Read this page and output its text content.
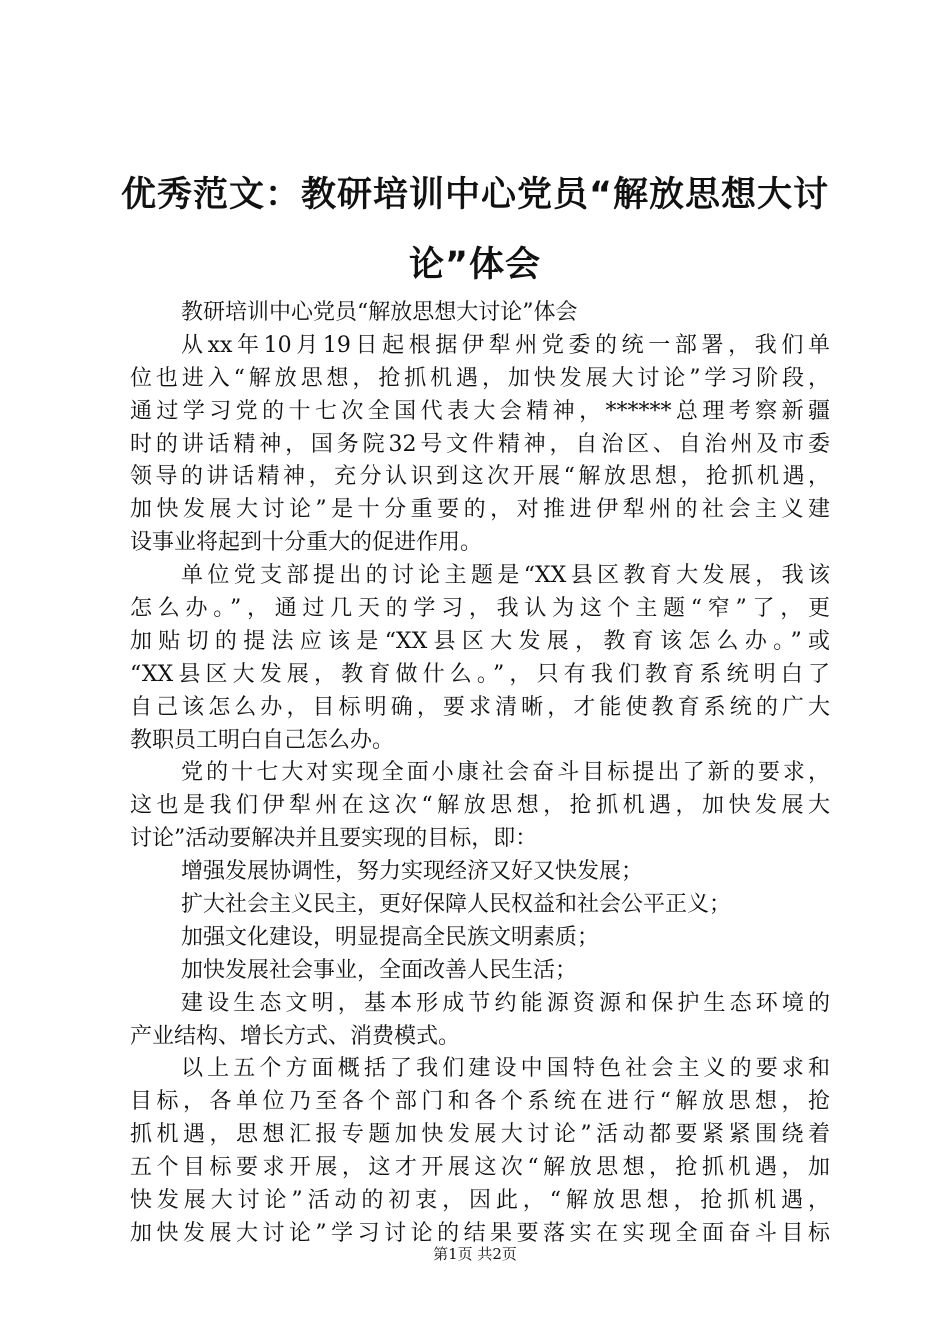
优秀范文：教研培训中心党员“解放思想大讨
论”体会
教研培训中心党员“解放思想大讨论”体会
从xx年10月19日起根据伊犁州党委的统一部署，我们单
位也进入“解放思想，抢抓机遇，加快发展大讨论”学习阶段，
通过学习党的十七次全国代表大会精神，******总理考察新疆
时的讲话精神，国务院32号文件精神，自治区、自治州及市委
领导的讲话精神，充分认识到这次开展“解放思想，抢抓机遇，
加快发展大讨论”是十分重要的，对推进伊犁州的社会主义建
设事业将起到十分重大的促进作用。
单位党支部提出的讨论主题是“XX县区教育大发展，我该
怎么办。”，通过几天的学习，我认为这个主题“窄”了，更
加贴切的提法应该是“XX县区大发展，教育该怎么办。”或
“XX县区大发展，教育做什么。”，只有我们教育系统明白了
自己该怎么办，目标明确，要求清晰，才能使教育系统的广大
教职员工明白自己怎么办。
党的十七大对实现全面小康社会奋斗目标提出了新的要求，
这也是我们伊犁州在这次“解放思想，抢抓机遇，加快发展大
讨论”活动要解决并且要实现的目标，即：
增强发展协调性，努力实现经济又好又快发展；
扩大社会主义民主，更好保障人民权益和社会公平正义；
加强文化建设，明显提高全民族文明素质；
加快发展社会事业，全面改善人民生活；
建设生态文明，基本形成节约能源资源和保护生态环境的
产业结构、增长方式、消费模式。
以上五个方面概括了我们建设中国特色社会主义的要求和
目标，各单位乃至各个部门和各个系统在进行“解放思想，抢
抓机遇，思想汇报专题加快发展大讨论”活动都要紧紧围绕着
五个目标要求开展，这才开展这次“解放思想，抢抓机遇，加
快发展大讨论”活动的初衷，因此，“解放思想，抢抓机遇，
加快发展大讨论”学习讨论的结果要落实在实现全面奋斗目标
第1页 共2页
